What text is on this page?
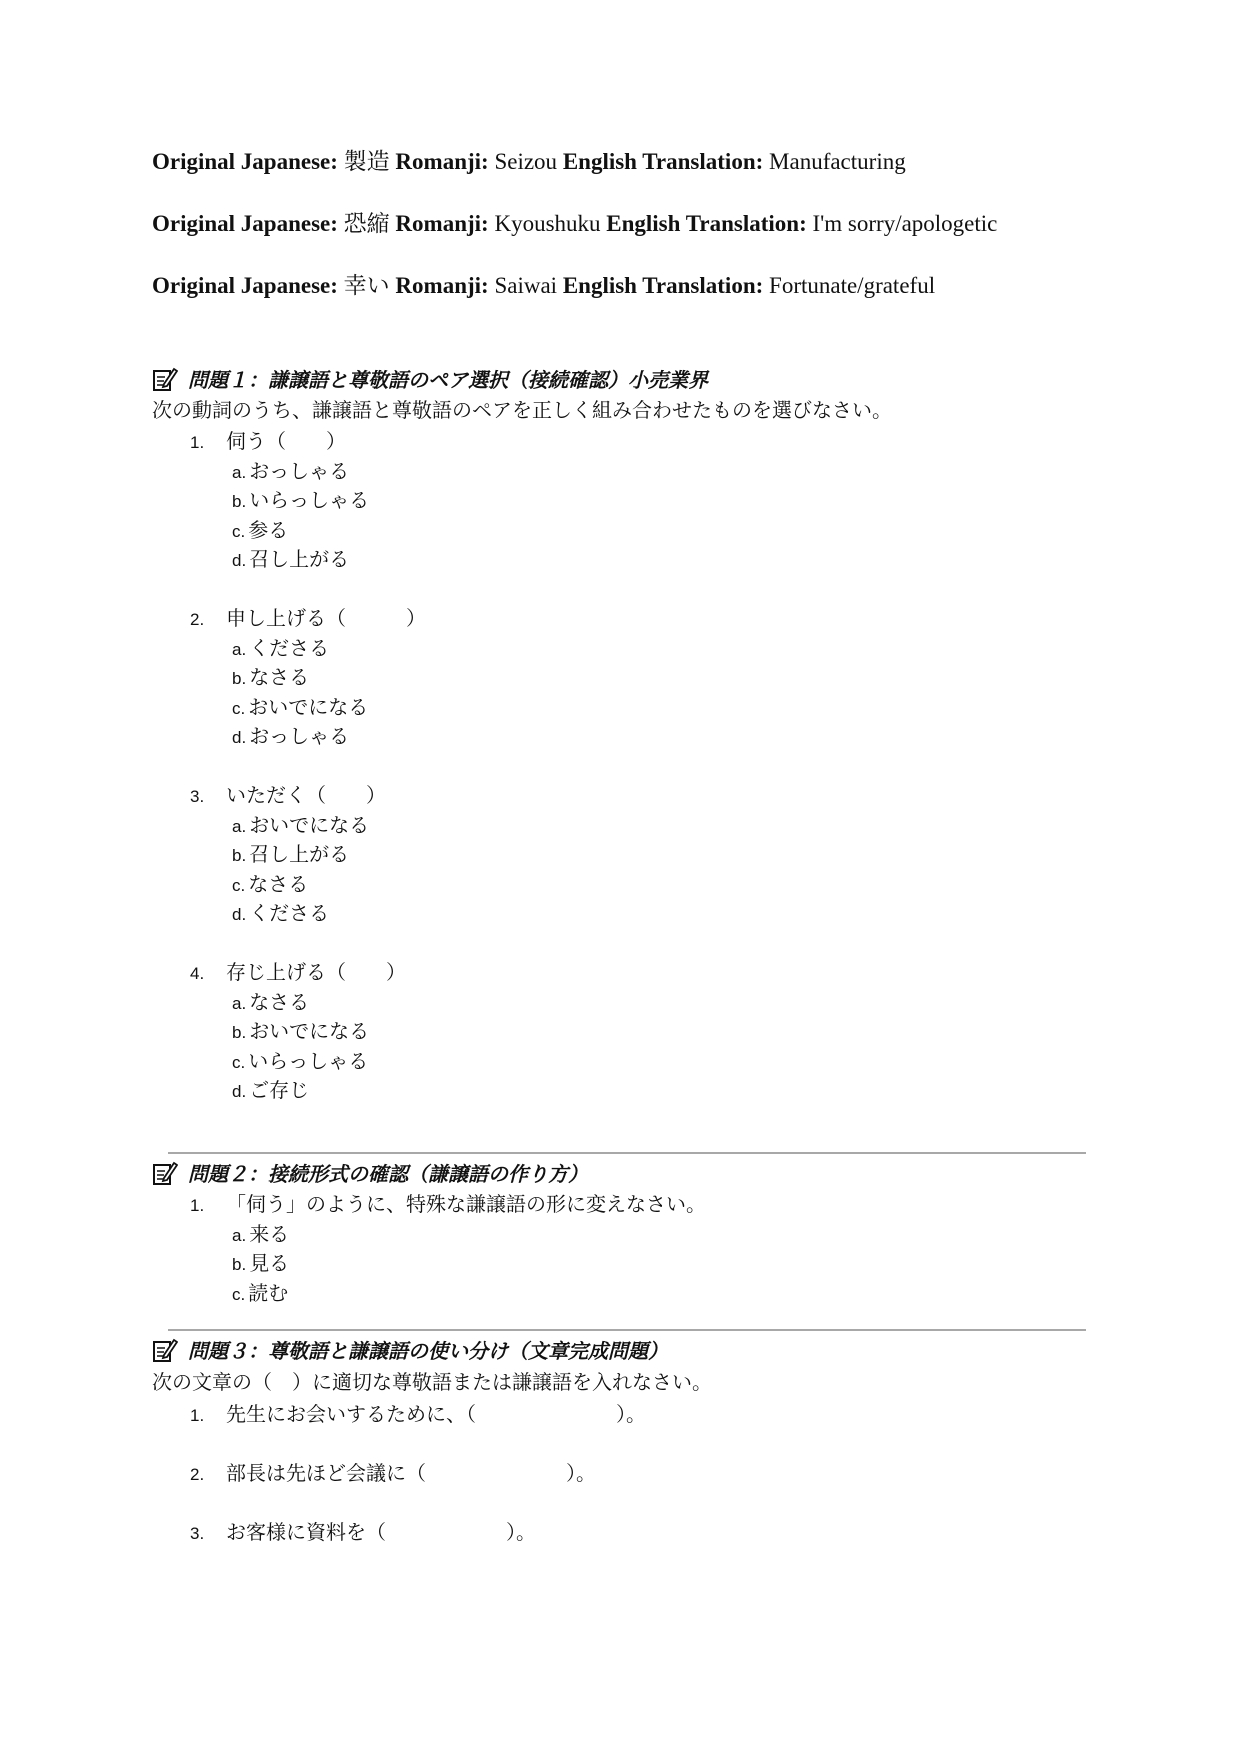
Original Japanese: 製造 Romanji: Seizou English Translation: Manufacturing
Original Japanese: 恐縮 Romanji: Kyoushuku English Translation: I'm sorry/apologetic
Original Japanese: 幸い Romanji: Saiwai English Translation: Fortunate/grateful
問題１：謙譲語と尊敬語のペア選択（接続確認）小売業界
次の動詞のうち、謙譲語と尊敬語のペアを正しく組み合わせたものを選びなさい。
1. 伺う（　　）
a. おっしゃる
b. いらっしゃる
c. 参る
d. 召し上がる
2. 申し上げる（　　　）
a. くださる
b. なさる
c. おいでになる
d. おっしゃる
3. いただく（　　）
a. おいでになる
b. 召し上がる
c. なさる
d. くださる
4. 存じ上げる（　　）
a. なさる
b. おいでになる
c. いらっしゃる
d. ご存じ
問題２：接続形式の確認（謙譲語の作り方）
1. 「伺う」のように、特殊な謙譲語の形に変えなさい。
a. 来る
b. 見る
c. 読む
問題３：尊敬語と謙譲語の使い分け（文章完成問題）
次の文章の（　）に適切な尊敬語または謙譲語を入れなさい。
1. 先生にお会いするために、（　　　　　　　）。
2. 部長は先ほど会議に（　　　　　　　）。
3. お客様に資料を（　　　　　　）。
